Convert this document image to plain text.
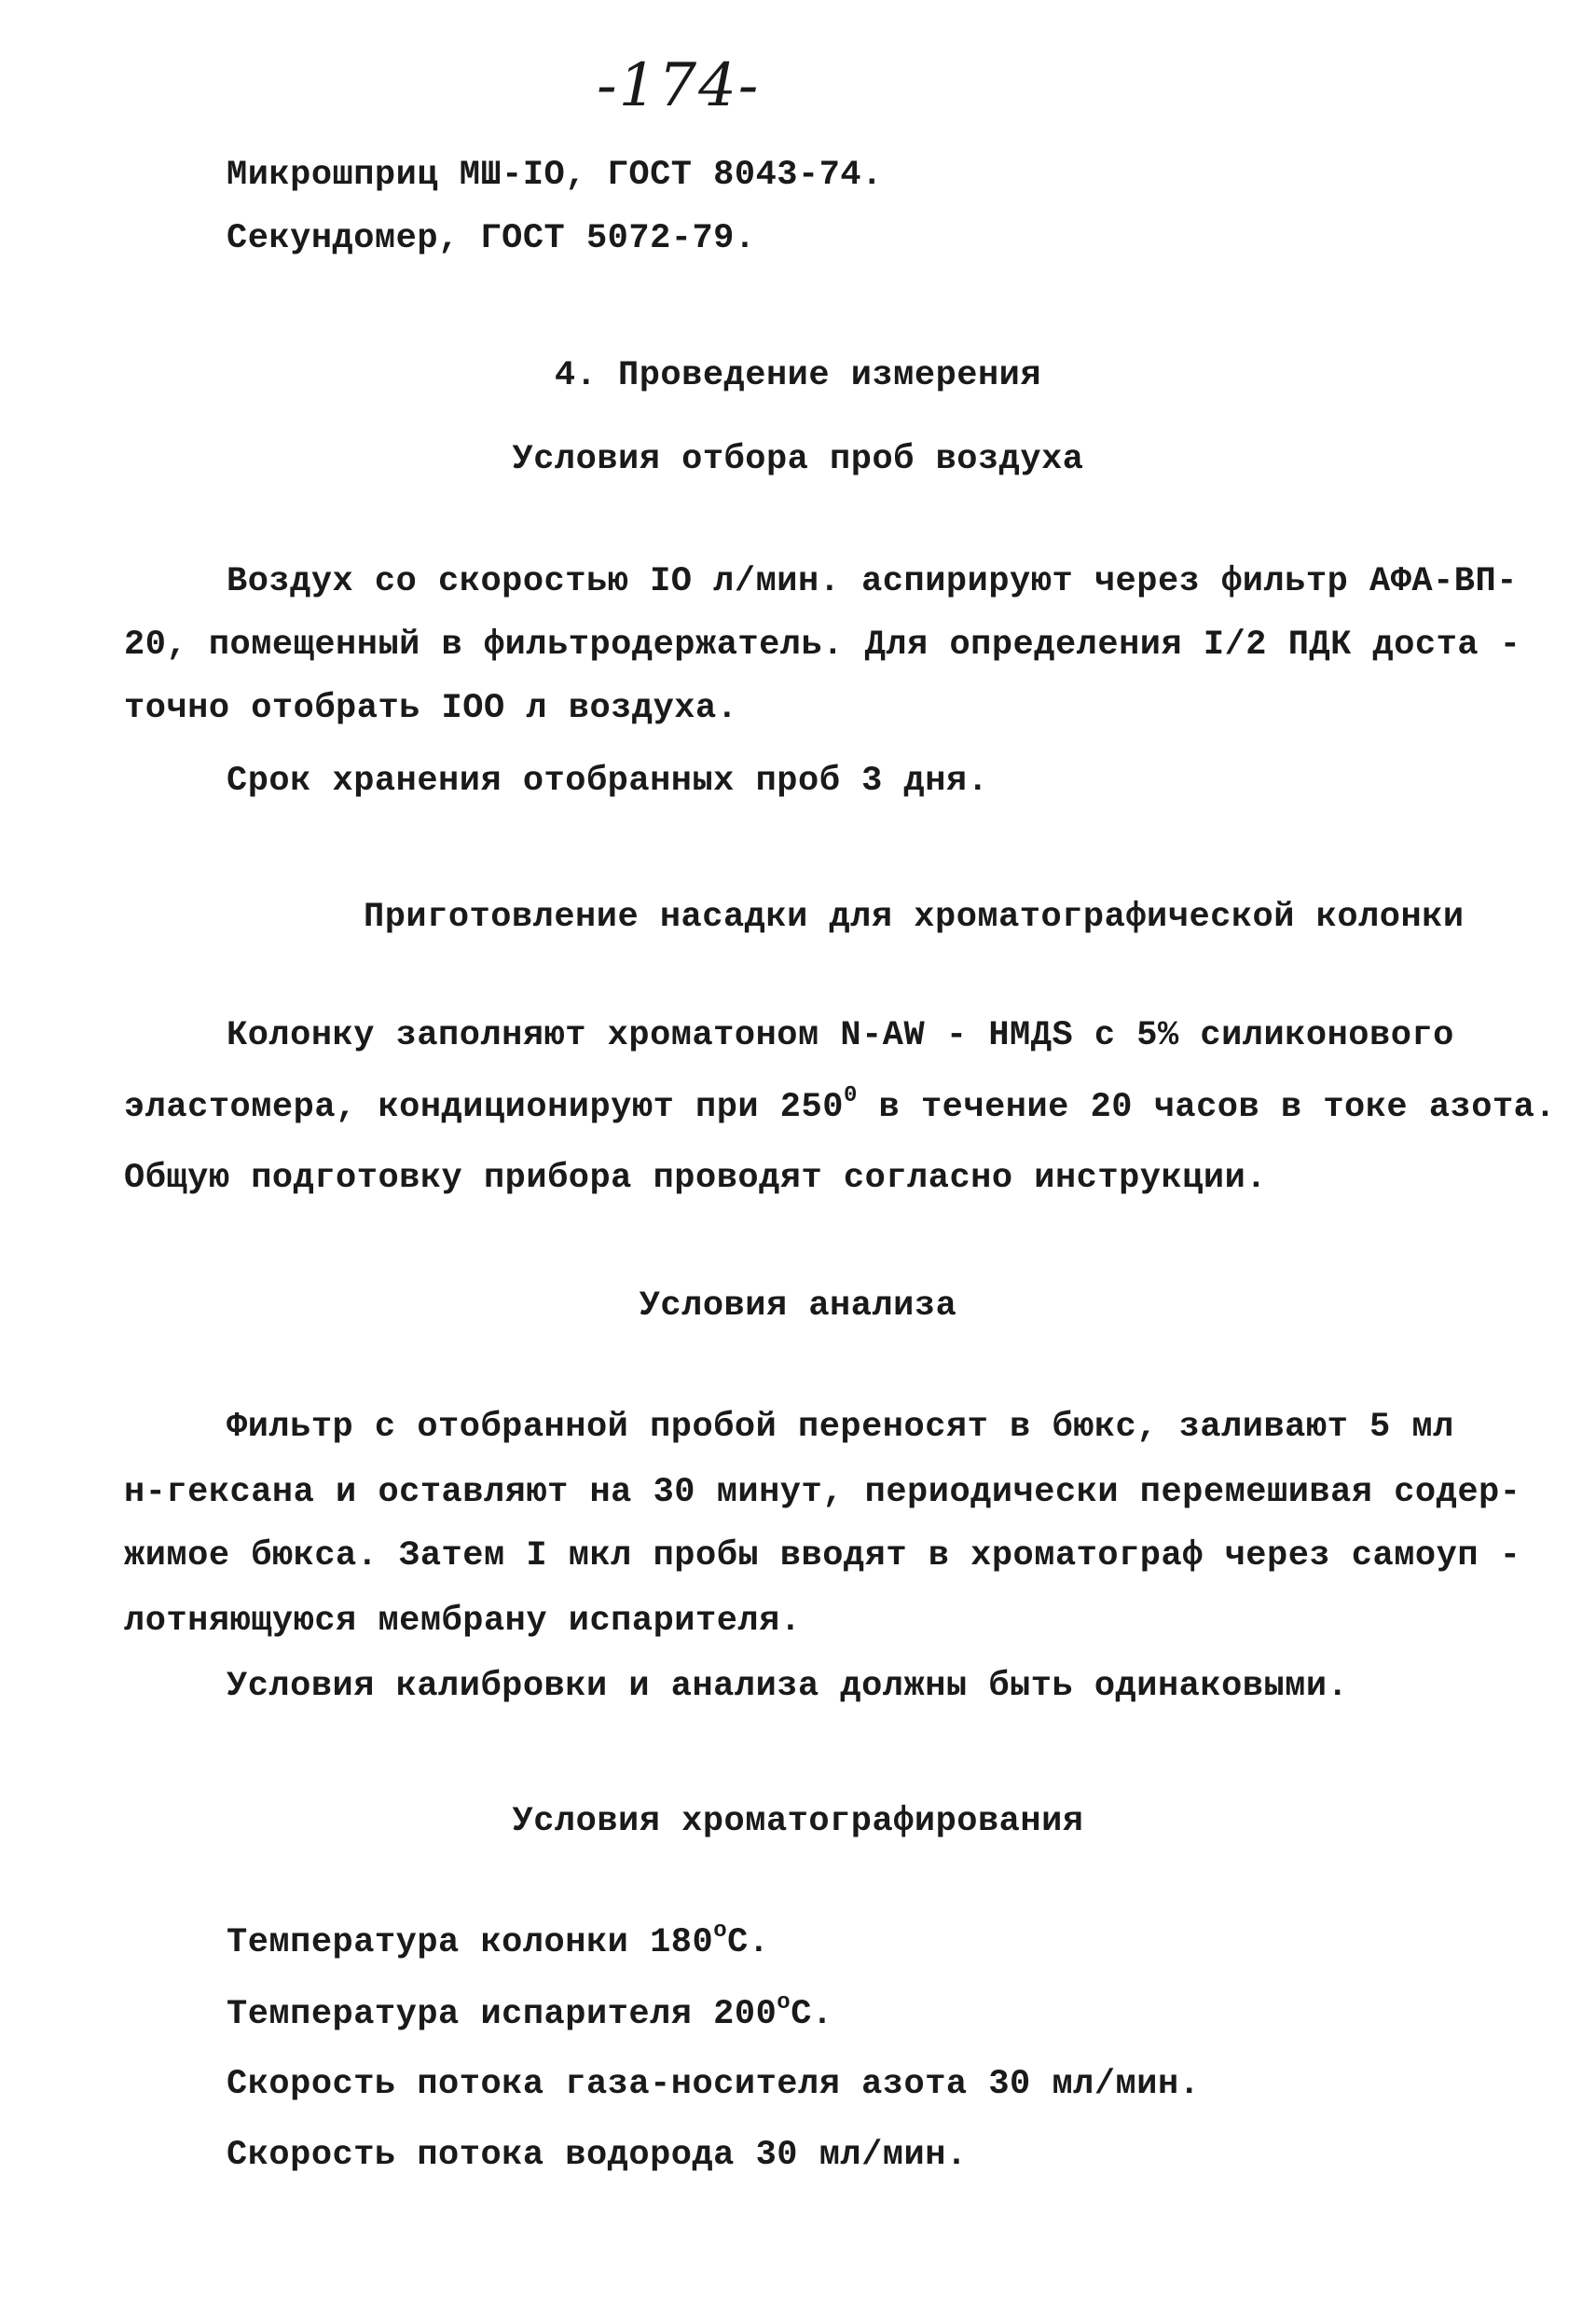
-174-
Микрошприц МШ-IO, ГОСТ 8043-74.
Секундомер, ГОСТ 5072-79.
4. Проведение измерения
Условия отбора проб воздуха
Воздух со скоростью IO л/мин. аспирируют через фильтр АФА-ВП-
20, помещенный в фильтродержатель. Для определения I/2 ПДК доста -
точно отобрать IOO л воздуха.
Срок хранения отобранных проб 3 дня.
Приготовление насадки для хроматографической колонки
Колонку заполняют хроматоном N-AW - НМДS с 5% силиконового
эластомера, кондиционируют при $250^0$ в течение 20 часов в токе азота.
Общую подготовку прибора проводят согласно инструкции.
Условия анализа
Фильтр с отобранной пробой переносят в бюкс, заливают 5 мл
н-гексана и оставляют на 30 минут, периодически перемешивая содер-
жимое бюкса. Затем I мкл пробы вводят в хроматограф через самоуп -
лотняющуюся мембрану испарителя.
Условия калибровки и анализа должны быть одинаковыми.
Условия хроматографирования
Температура колонки 180$^o$С.
Температура испарителя 200$^o$С.
Скорость потока газа-носителя азота 30 мл/мин.
Скорость потока водорода 30 мл/мин.
